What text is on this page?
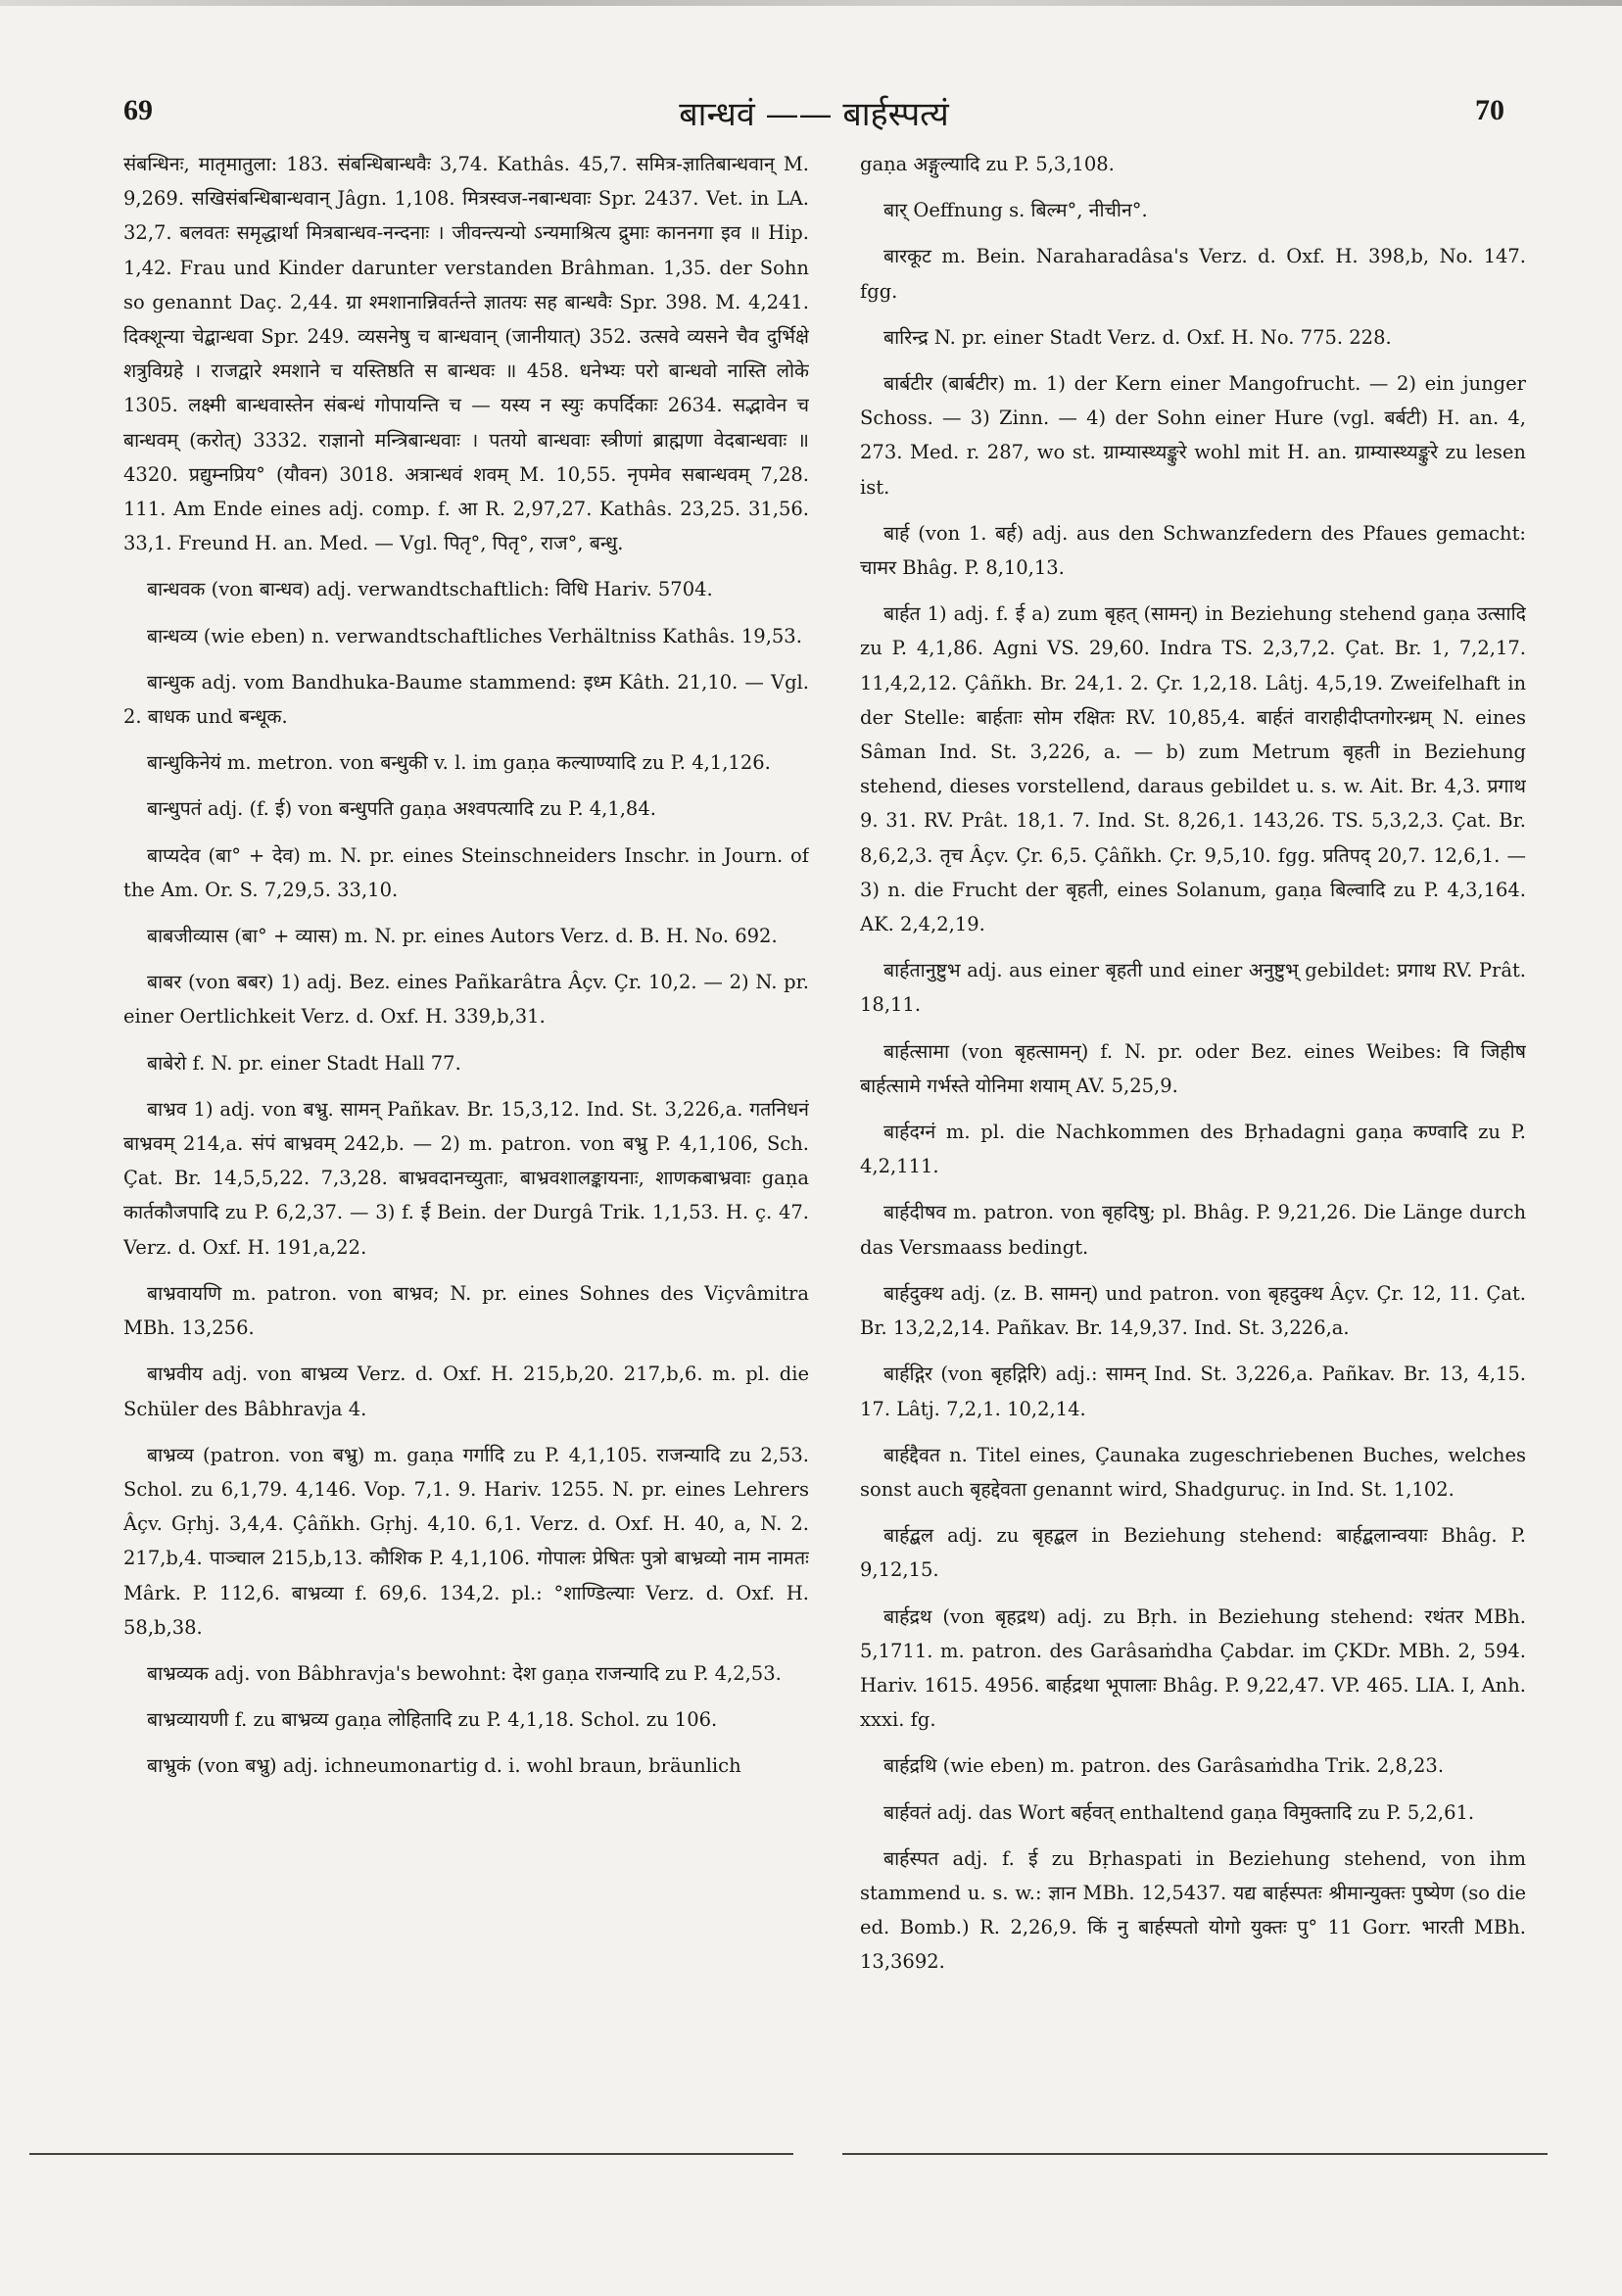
69	बान्धवं —— बार्हस्पत्यं	70

संबन्धिनः, मातृमातुला: 183. संबन्धिबान्धवैः 3,74. Kathâs. 45,7. समित्र-ज्ञातिबान्धवान् M. 9,269. सखिसंबन्धिबान्धवान् Jâgn. 1,108. मित्रस्वज-नबान्धवाः Spr. 2437. Vet. in LA. 32,7. बलवतः समृद्धार्था मित्रबान्धव-नन्दनाः । जीवन्त्यन्यो ऽन्यमाश्रित्य द्रुमाः काननगा इव ॥ Hip. 1,42. Frau und Kinder darunter verstanden Brâhman. 1,35. der Sohn so genannt Daç. 2,44. ग्रा श्मशानान्निवर्तन्ते ज्ञातयः सह बान्धवैः Spr. 398. M. 4,241. दिक्शून्या चेद्बान्धवा Spr. 249. व्यसनेषु च बान्धवान् (जानीयात्) 352. उत्सवे व्यसने चैव दुर्भिक्षे शत्रुविग्रहे । राजद्वारे श्मशाने च यस्तिष्ठति स बान्धवः ॥ 458. धनेभ्यः परो बान्धवो नास्ति लोके 1305. लक्ष्मी बान्धवास्तेन संबन्धं गोपायन्ति च — यस्य न स्युः कपर्दिकाः 2634. सद्भावेन च बान्धवम् (करोत्) 3332. राज्ञानो मन्त्रिबान्धवाः । पतयो बान्धवाः स्त्रीणां ब्राह्मणा वेदबान्धवाः ॥ 4320. प्रद्युम्नप्रिय° (यौवन) 3018. अत्रान्धवं शवम् M. 10,55. नृपमेव सबान्धवम् 7,28. 111. Am Ende eines adj. comp. f. आ R. 2,97,27. Kathâs. 23,25. 31,56. 33,1. Freund H. an. Med. — Vgl. पितृ°, पितृ°, राज°, बन्धु.

बान्धवक (von बान्धव) adj. verwandtschaftlich: विधि Hariv. 5704.

बान्धव्य (wie eben) n. verwandtschaftliches Verhältniss Kathâs. 19,53.

बान्धुक adj. vom Bandhuka-Baume stammend: इध्म Kâth. 21,10. — Vgl. 2. बाधक und बन्धूक.

बान्धुकिनेयं m. metron. von बन्धुकी v. l. im gaṇa कल्याण्यादि zu P. 4,1,126.

बान्धुपतं adj. (f. ई) von बन्धुपति gaṇa अश्वपत्यादि zu P. 4,1,84.

बाप्यदेव (बा° + देव) m. N. pr. eines Steinschneiders Inschr. in Journ. of the Am. Or. S. 7,29,5. 33,10.

बाबजीव्यास (बा° + व्यास) m. N. pr. eines Autors Verz. d. B. H. No. 692.

बाबर (von बबर) 1) adj. Bez. eines Pañkarâtra Âçv. Çr. 10,2. — 2) N. pr. einer Oertlichkeit Verz. d. Oxf. H. 339,b,31.

बाबेरो f. N. pr. einer Stadt Hall 77.

बाभ्रव 1) adj. von बभ्रु. सामन् Pañkav. Br. 15,3,12. Ind. St. 3,226,a. गतनिधनं बाभ्रवम् 214,a. संपं बाभ्रवम् 242,b. — 2) m. patron. von बभ्रु P. 4,1,106, Sch. Çat. Br. 14,5,5,22. 7,3,28. बाभ्रवदानच्युताः, बाभ्रवशालङ्कायनाः, शाणकबाभ्रवाः gaṇa कार्तकौजपादि zu P. 6,2,37. — 3) f. ई Bein. der Durgâ Trik. 1,1,53. H. ç. 47. Verz. d. Oxf. H. 191,a,22.

बाभ्रवायणि m. patron. von बाभ्रव; N. pr. eines Sohnes des Viçvâmitra MBh. 13,256.

बाभ्रवीय adj. von बाभ्रव्य Verz. d. Oxf. H. 215,b,20. 217,b,6. m. pl. die Schüler des Bâbhravja 4.

बाभ्रव्य (patron. von बभ्रु) m. gaṇa गर्गादि zu P. 4,1,105. राजन्यादि zu 2,53. Schol. zu 6,1,79. 4,146. Vop. 7,1. 9. Hariv. 1255. N. pr. eines Lehrers Âçv. Gṛhj. 3,4,4. Çâñkh. Gṛhj. 4,10. 6,1. Verz. d. Oxf. H. 40, a, N. 2. 217,b,4. पाञ्चाल 215,b,13. कौशिक P. 4,1,106. गोपालः प्रेषितः पुत्रो बाभ्रव्यो नाम नामतः Mârk. P. 112,6. बाभ्रव्या f. 69,6. 134,2. pl.: °शाण्डिल्याः Verz. d. Oxf. H. 58,b,38.

बाभ्रव्यक adj. von Bâbhravja's bewohnt: देश gaṇa राजन्यादि zu P. 4,2,53.

बाभ्रव्यायणी f. zu बाभ्रव्य gaṇa लोहितादि zu P. 4,1,18. Schol. zu 106.

बाभ्रुकं (von बभ्रु) adj. ichneumonartig d. i. wohl braun, bräunlich

gaṇa अङ्गुल्यादि zu P. 5,3,108.

बार् Oeffnung s. बिल्म°, नीचीन°.

बारकूट m. Bein. Naraharadâsa's Verz. d. Oxf. H. 398,b, No. 147. fgg.

बारिन्द्र N. pr. einer Stadt Verz. d. Oxf. H. No. 775. 228.

बार्बटीर (बार्बटीर) m. 1) der Kern einer Mangofrucht. — 2) ein junger Schoss. — 3) Zinn. — 4) der Sohn einer Hure (vgl. बर्बटी) H. an. 4, 273. Med. r. 287, wo st. ग्राम्यास्थ्यङ्कुरे wohl mit H. an. ग्राम्यास्थ्यङ्कुरे zu lesen ist.

बार्ह (von 1. बर्ह) adj. aus den Schwanzfedern des Pfaues gemacht: चामर Bhâg. P. 8,10,13.

बार्हत 1) adj. f. ई a) zum बृहत् (सामन्) in Beziehung stehend gaṇa उत्सादि zu P. 4,1,86. Agni VS. 29,60. Indra TS. 2,3,7,2. Çat. Br. 1, 7,2,17. 11,4,2,12. Çâñkh. Br. 24,1. 2. Çr. 1,2,18. Lâtj. 4,5,19. Zweifelhaft in der Stelle: बार्हताः सोम रक्षितः RV. 10,85,4. बार्हतं वाराहीदीप्तगोरन्ध्रम् N. eines Sâman Ind. St. 3,226, a. — b) zum Metrum बृहती in Beziehung stehend, dieses vorstellend, daraus gebildet u. s. w. Ait. Br. 4,3. प्रगाथ 9. 31. RV. Prât. 18,1. 7. Ind. St. 8,26,1. 143,26. TS. 5,3,2,3. Çat. Br. 8,6,2,3. तृच Âçv. Çr. 6,5. Çâñkh. Çr. 9,5,10. fgg. प्रतिपद् 20,7. 12,6,1. — 3) n. die Frucht der बृहती, eines Solanum, gaṇa बिल्वादि zu P. 4,3,164. AK. 2,4,2,19.

बार्हतानुष्टुभ adj. aus einer बृहती und einer अनुष्टुभ् gebildet: प्रगाथ RV. Prât. 18,11.

बार्हत्सामा (von बृहत्सामन्) f. N. pr. oder Bez. eines Weibes: वि जिहीष बार्हत्सामे गर्भस्ते योनिमा शयाम् AV. 5,25,9.

बार्हदग्नं m. pl. die Nachkommen des Bṛhadagni gaṇa कण्वादि zu P. 4,2,111.

बार्हदीषव m. patron. von बृहदिषु; pl. Bhâg. P. 9,21,26. Die Länge durch das Versmaass bedingt.

बार्हदुक्थ adj. (z. B. सामन्) und patron. von बृहदुक्थ Âçv. Çr. 12, 11. Çat. Br. 13,2,2,14. Pañkav. Br. 14,9,37. Ind. St. 3,226,a.

बार्हद्गिर (von बृहद्गिरि) adj.: सामन् Ind. St. 3,226,a. Pañkav. Br. 13, 4,15. 17. Lâtj. 7,2,1. 10,2,14.

बार्हद्दैवत n. Titel eines, Çaunaka zugeschriebenen Buches, welches sonst auch बृहद्देवता genannt wird, Shadguruç. in Ind. St. 1,102.

बार्हद्बल adj. zu बृहद्बल in Beziehung stehend: बार्हद्बलान्वयाः Bhâg. P. 9,12,15.

बार्हद्रथ (von बृहद्रथ) adj. zu Bṛh. in Beziehung stehend: रथंतर MBh. 5,1711. m. patron. des Garâsaṁdha Çabdar. im ÇKDr. MBh. 2, 594. Hariv. 1615. 4956. बार्हद्रथा भूपालाः Bhâg. P. 9,22,47. VP. 465. LIA. I, Anh. xxxi. fg.

बार्हद्रथि (wie eben) m. patron. des Garâsaṁdha Trik. 2,8,23.

बार्हवतं adj. das Wort बर्हवत् enthaltend gaṇa विमुक्तादि zu P. 5,2,61.

बार्हस्पत adj. f. ई zu Bṛhaspati in Beziehung stehend, von ihm stammend u. s. w.: ज्ञान MBh. 12,5437. यद्य बार्हस्पतः श्रीमान्युक्तः पुष्येण (so die ed. Bomb.) R. 2,26,9. किं नु बार्हस्पतो योगो युक्तः पु° 11 Gorr. भारती MBh. 13,3692.
